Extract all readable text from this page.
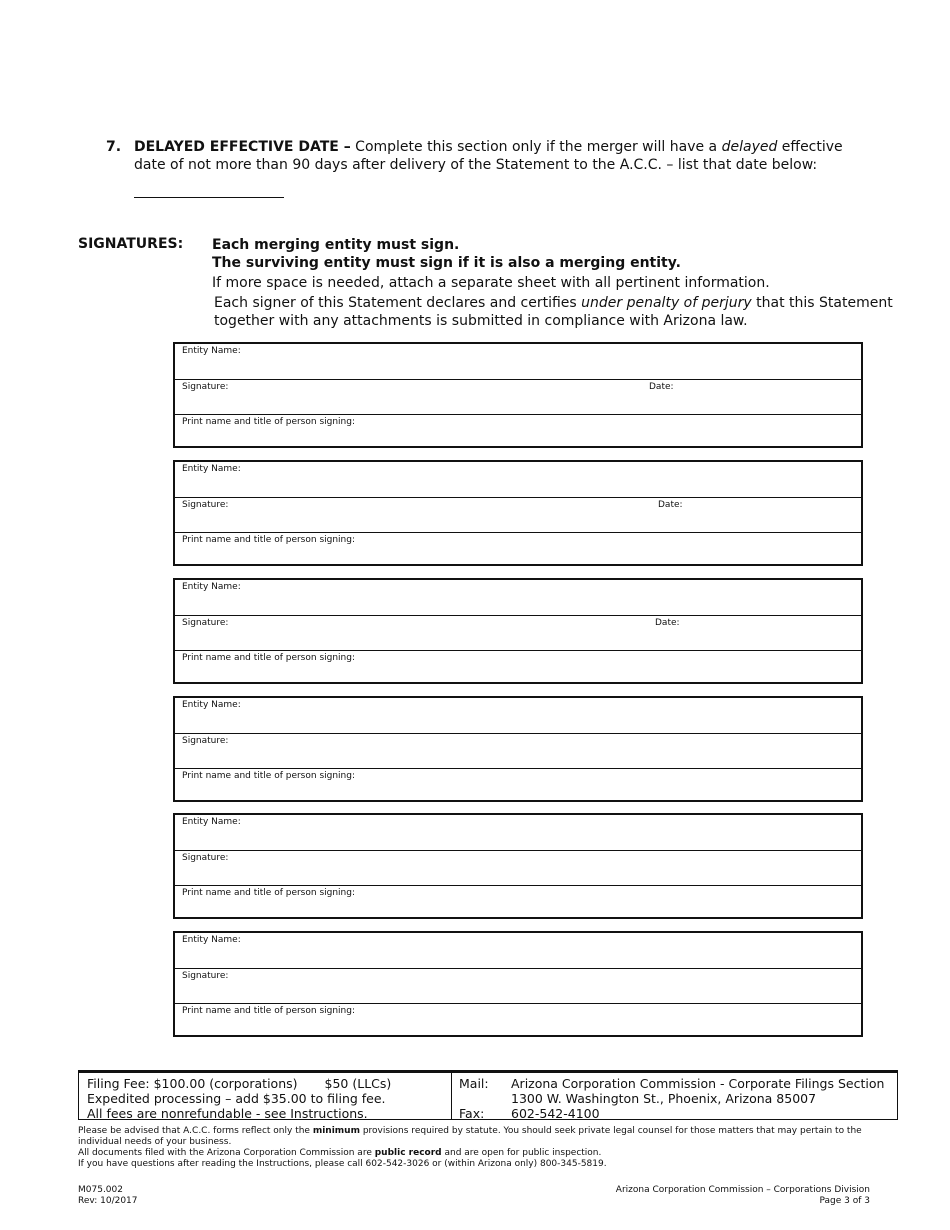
7. DELAYED EFFECTIVE DATE – Complete this section only if the merger will have a delayed effective date of not more than 90 days after delivery of the Statement to the A.C.C. – list that date below:
SIGNATURES: Each merging entity must sign.
The surviving entity must sign if it is also a merging entity.
If more space is needed, attach a separate sheet with all pertinent information.
Each signer of this Statement declares and certifies under penalty of perjury that this Statement together with any attachments is submitted in compliance with Arizona law.
Entity Name:
Signature:	Date:
Print name and title of person signing:
Entity Name:
Signature:	Date:
Print name and title of person signing:
Entity Name:
Signature:	Date:
Print name and title of person signing:
Entity Name:
Signature:
Print name and title of person signing:
Entity Name:
Signature:
Print name and title of person signing:
Entity Name:
Signature:
Print name and title of person signing:
Filing Fee: $100.00 (corporations) $50 (LLCs)
Expedited processing – add $35.00 to filing fee.
All fees are nonrefundable - see Instructions.
Mail: Arizona Corporation Commission - Corporate Filings Section
1300 W. Washington St., Phoenix, Arizona 85007
Fax: 602-542-4100
Please be advised that A.C.C. forms reflect only the minimum provisions required by statute. You should seek private legal counsel for those matters that may pertain to the individual needs of your business.
All documents filed with the Arizona Corporation Commission are public record and are open for public inspection.
If you have questions after reading the Instructions, please call 602-542-3026 or (within Arizona only) 800-345-5819.
M075.002
Rev: 10/2017
Arizona Corporation Commission – Corporations Division
Page 3 of 3
